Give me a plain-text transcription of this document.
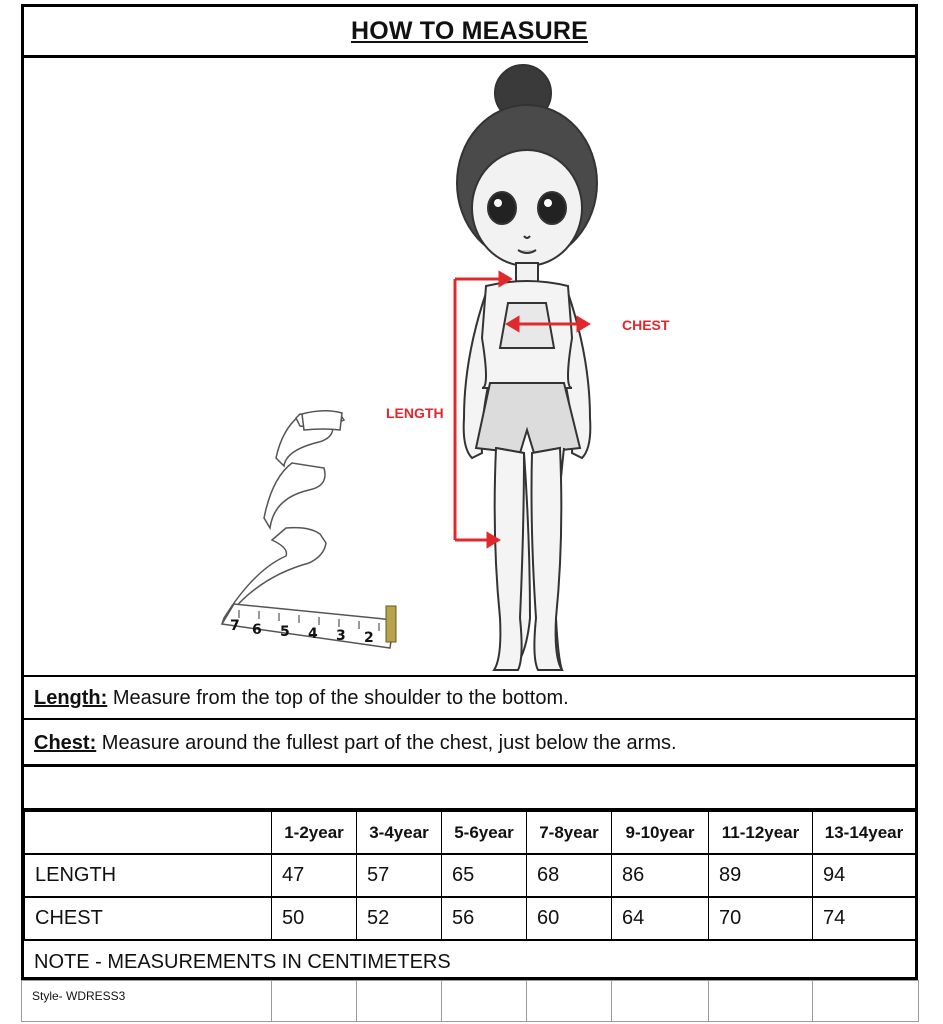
HOW TO MEASURE
2
3
4
5
6
7
CHEST
LENGTH
Length: Measure from the top of the shoulder to the bottom.
Chest: Measure around the fullest part of the chest, just below the arms.
	1-2year	3-4year	5-6year	7-8year	9-10year	11-12year	13-14year
LENGTH	47	57	65	68	86	89	94
CHEST	50	52	56	60	64	70	74
NOTE - MEASUREMENTS IN CENTIMETERS
Style- WDRESS3							
